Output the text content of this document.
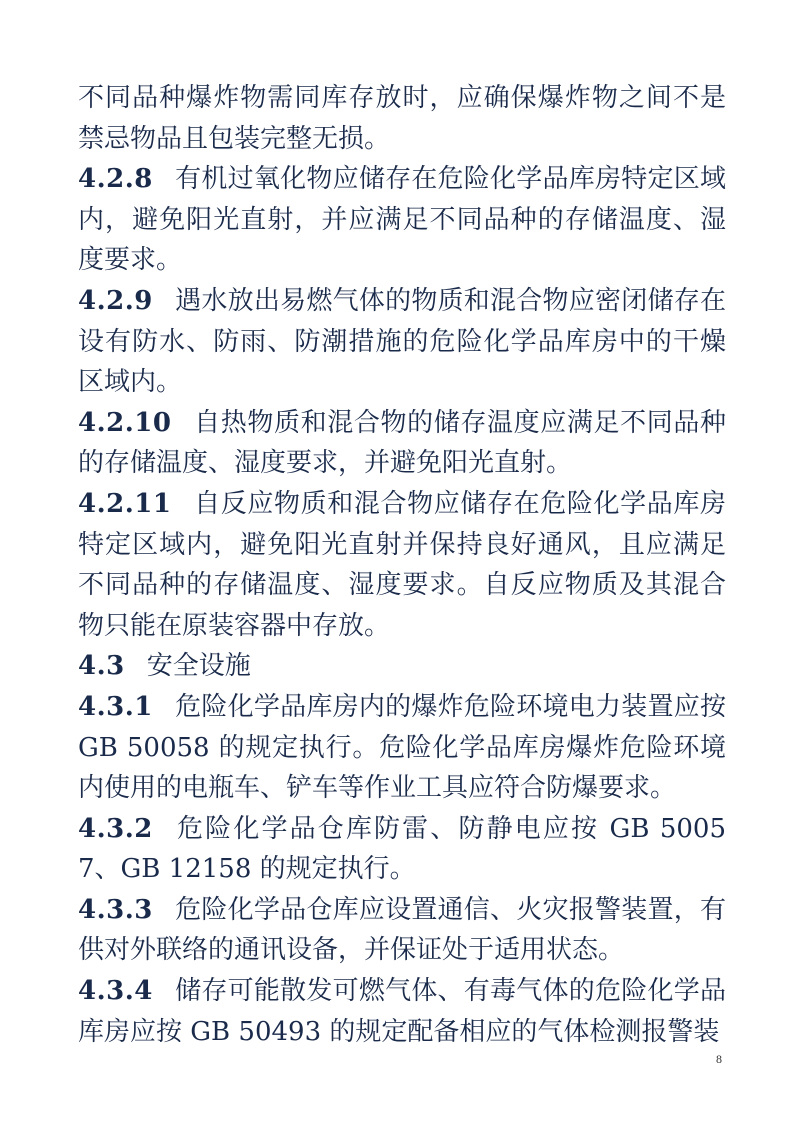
不同品种爆炸物需同库存放时，应确保爆炸物之间不是禁忌物品且包装完整无损。

4.2.8 有机过氧化物应储存在危险化学品库房特定区域内，避免阳光直射，并应满足不同品种的存储温度、湿度要求。

4.2.9 遇水放出易燃气体的物质和混合物应密闭储存在设有防水、防雨、防潮措施的危险化学品库房中的干燥区域内。

4.2.10 自热物质和混合物的储存温度应满足不同品种的存储温度、湿度要求，并避免阳光直射。

4.2.11 自反应物质和混合物应储存在危险化学品库房特定区域内，避免阳光直射并保持良好通风，且应满足不同品种的存储温度、湿度要求。自反应物质及其混合物只能在原装容器中存放。

4.3 安全设施

4.3.1 危险化学品库房内的爆炸危险环境电力装置应按 GB 50058 的规定执行。危险化学品库房爆炸危险环境内使用的电瓶车、铲车等作业工具应符合防爆要求。

4.3.2 危险化学品仓库防雷、防静电应按 GB 50057、GB 12158 的规定执行。

4.3.3 危险化学品仓库应设置通信、火灾报警装置，有供对外联络的通讯设备，并保证处于适用状态。

4.3.4 储存可能散发可燃气体、有毒气体的危险化学品库房应按 GB 50493 的规定配备相应的气体检测报警装

8
